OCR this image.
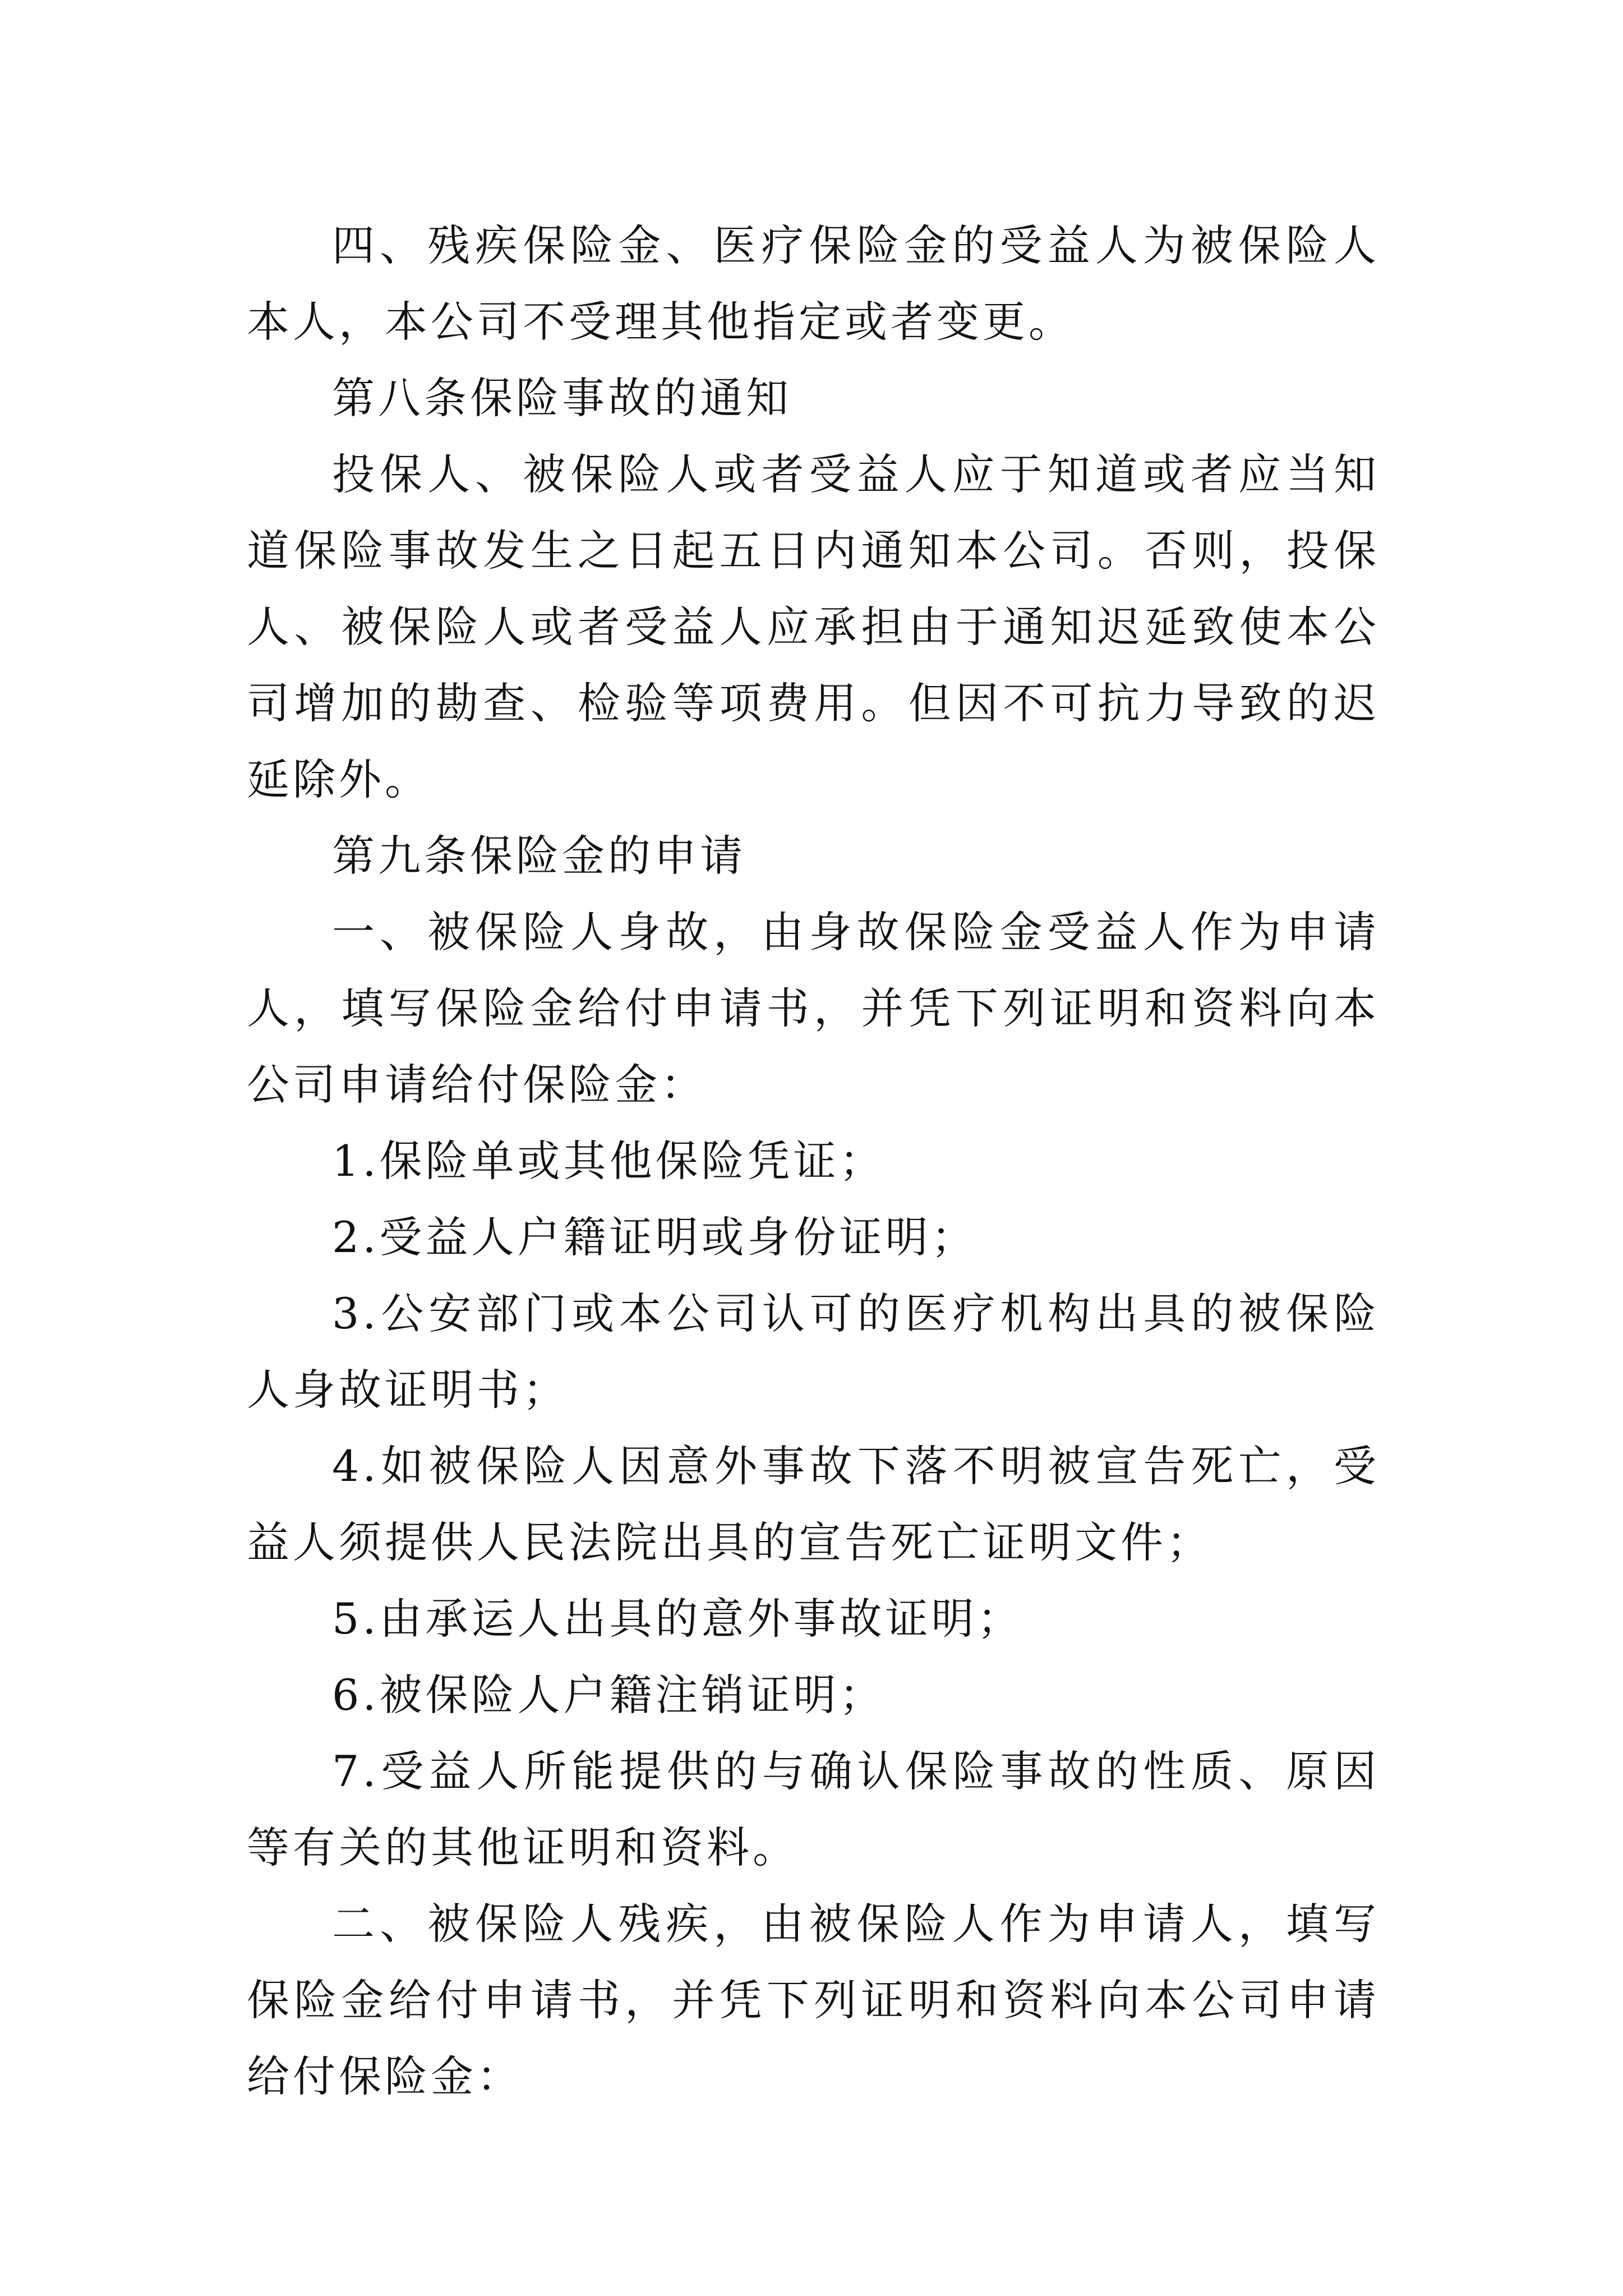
四、残疾保险金、医疗保险金的受益人为被保险人本人，本公司不受理其他指定或者变更。

第八条保险事故的通知

投保人、被保险人或者受益人应于知道或者应当知道保险事故发生之日起五日内通知本公司。否则，投保人、被保险人或者受益人应承担由于通知迟延致使本公司增加的勘查、检验等项费用。但因不可抗力导致的迟延除外。

第九条保险金的申请

一、被保险人身故，由身故保险金受益人作为申请人，填写保险金给付申请书，并凭下列证明和资料向本公司申请给付保险金：

1.保险单或其他保险凭证；

2.受益人户籍证明或身份证明；

3.公安部门或本公司认可的医疗机构出具的被保险人身故证明书；

4.如被保险人因意外事故下落不明被宣告死亡，受益人须提供人民法院出具的宣告死亡证明文件；

5.由承运人出具的意外事故证明；

6.被保险人户籍注销证明；

7.受益人所能提供的与确认保险事故的性质、原因等有关的其他证明和资料。

二、被保险人残疾，由被保险人作为申请人，填写保险金给付申请书，并凭下列证明和资料向本公司申请给付保险金：
